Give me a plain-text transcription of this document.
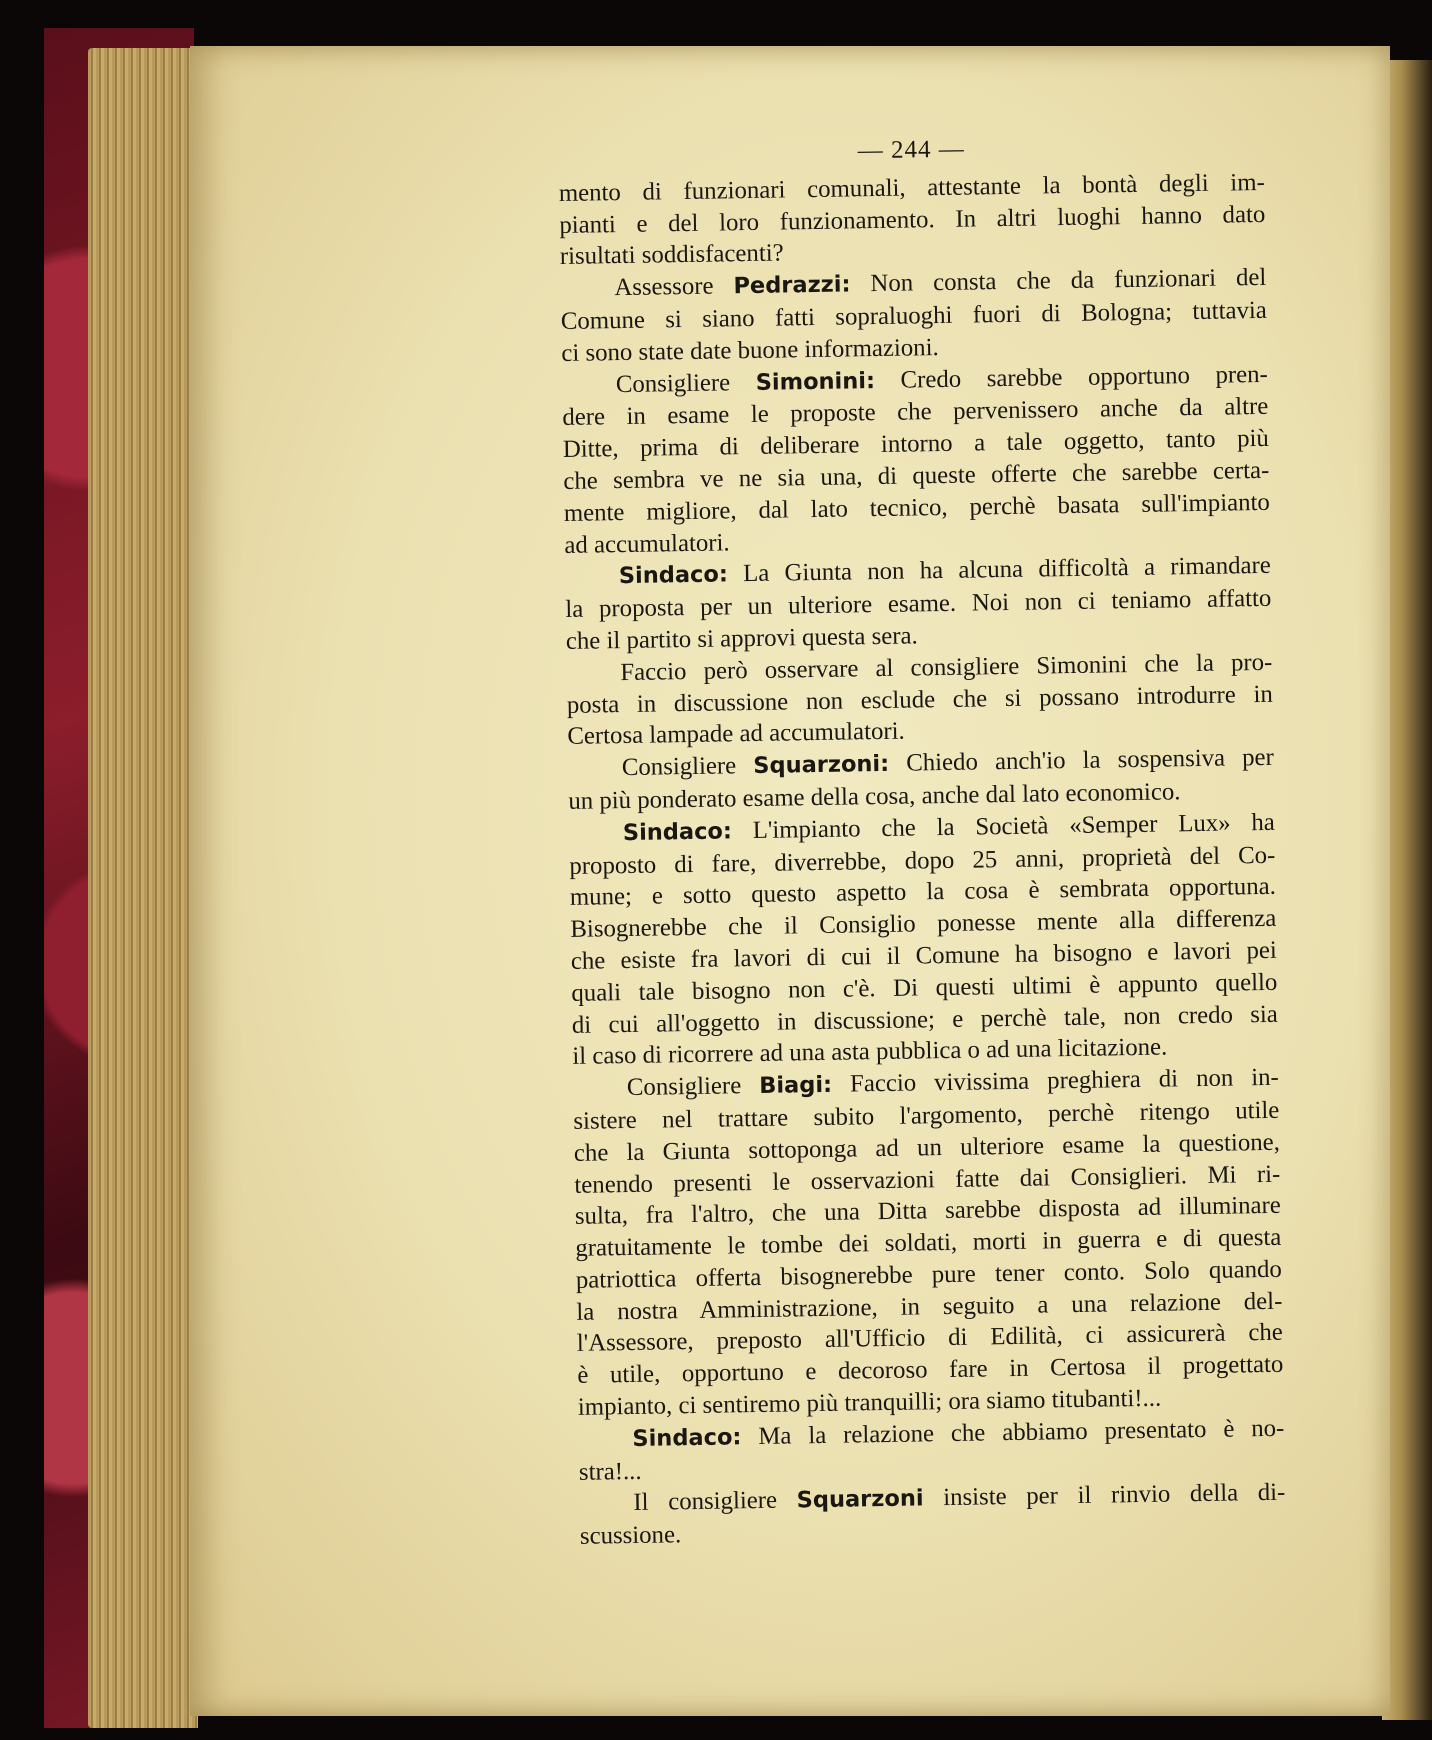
— 244 —
mento di funzionari comunali, attestante la bontà degli im-
pianti e del loro funzionamento. In altri luoghi hanno dato
risultati soddisfacenti?
Assessore Pedrazzi: Non consta che da funzionari del
Comune si siano fatti sopraluoghi fuori di Bologna; tuttavia
ci sono state date buone informazioni.
Consigliere Simonini: Credo sarebbe opportuno pren-
dere in esame le proposte che pervenissero anche da altre
Ditte, prima di deliberare intorno a tale oggetto, tanto più
che sembra ve ne sia una, di queste offerte che sarebbe certa-
mente migliore, dal lato tecnico, perchè basata sull'impianto
ad accumulatori.
Sindaco: La Giunta non ha alcuna difficoltà a rimandare
la proposta per un ulteriore esame. Noi non ci teniamo affatto
che il partito si approvi questa sera.
Faccio però osservare al consigliere Simonini che la pro-
posta in discussione non esclude che si possano introdurre in
Certosa lampade ad accumulatori.
Consigliere Squarzoni: Chiedo anch'io la sospensiva per
un più ponderato esame della cosa, anche dal lato economico.
Sindaco: L'impianto che la Società «Semper Lux» ha
proposto di fare, diverrebbe, dopo 25 anni, proprietà del Co-
mune; e sotto questo aspetto la cosa è sembrata opportuna.
Bisognerebbe che il Consiglio ponesse mente alla differenza
che esiste fra lavori di cui il Comune ha bisogno e lavori pei
quali tale bisogno non c'è. Di questi ultimi è appunto quello
di cui all'oggetto in discussione; e perchè tale, non credo sia
il caso di ricorrere ad una asta pubblica o ad una licitazione.
Consigliere Biagi: Faccio vivissima preghiera di non in-
sistere nel trattare subito l'argomento, perchè ritengo utile
che la Giunta sottoponga ad un ulteriore esame la questione,
tenendo presenti le osservazioni fatte dai Consiglieri. Mi ri-
sulta, fra l'altro, che una Ditta sarebbe disposta ad illuminare
gratuitamente le tombe dei soldati, morti in guerra e di questa
patriottica offerta bisognerebbe pure tener conto. Solo quando
la nostra Amministrazione, in seguito a una relazione del-
l'Assessore, preposto all'Ufficio di Edilità, ci assicurerà che
è utile, opportuno e decoroso fare in Certosa il progettato
impianto, ci sentiremo più tranquilli; ora siamo titubanti!...
Sindaco: Ma la relazione che abbiamo presentato è no-
stra!...
Il consigliere Squarzoni insiste per il rinvio della di-
scussione.
